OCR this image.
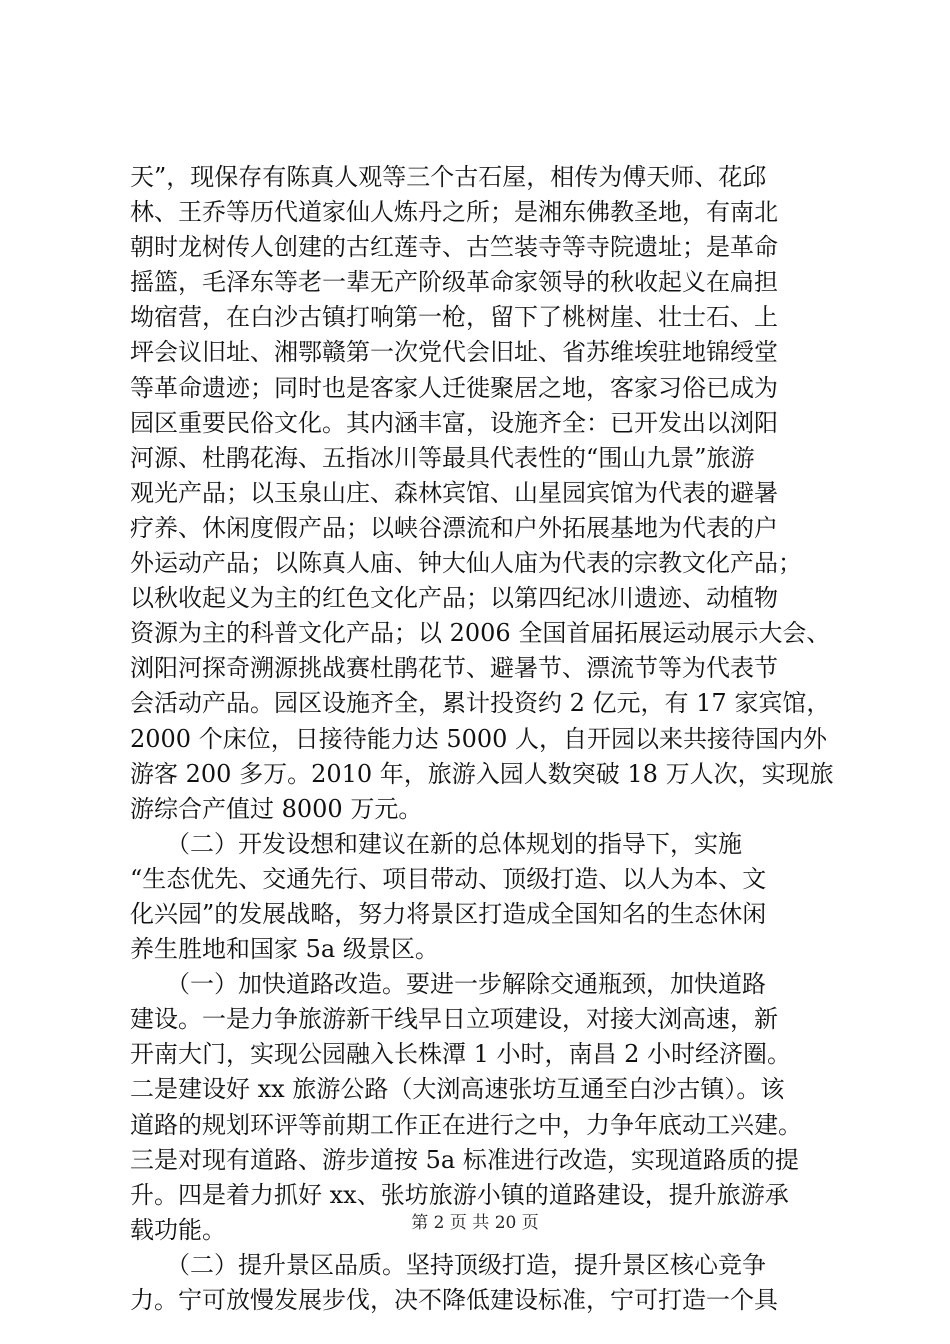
天”，现保存有陈真人观等三个古石屋，相传为傅天师、花邱
林、王乔等历代道家仙人炼丹之所；是湘东佛教圣地，有南北
朝时龙树传人创建的古红莲寺、古竺装寺等寺院遗址；是革命
摇篮，毛泽东等老一辈无产阶级革命家领导的秋收起义在扁担
坳宿营，在白沙古镇打响第一枪，留下了桃树崖、壮士石、上
坪会议旧址、湘鄂赣第一次党代会旧址、省苏维埃驻地锦绶堂
等革命遗迹；同时也是客家人迁徙聚居之地，客家习俗已成为
园区重要民俗文化。其内涵丰富，设施齐全：已开发出以浏阳
河源、杜鹃花海、五指冰川等最具代表性的“围山九景”旅游
观光产品；以玉泉山庄、森林宾馆、山星园宾馆为代表的避暑
疗养、休闲度假产品；以峡谷漂流和户外拓展基地为代表的户
外运动产品；以陈真人庙、钟大仙人庙为代表的宗教文化产品；
以秋收起义为主的红色文化产品；以第四纪冰川遗迹、动植物
资源为主的科普文化产品；以 2006 全国首届拓展运动展示大会、
浏阳河探奇溯源挑战赛杜鹃花节、避暑节、漂流节等为代表节
会活动产品。园区设施齐全，累计投资约 2 亿元，有 17 家宾馆，
2000 个床位，日接待能力达 5000 人，自开园以来共接待国内外
游客 200 多万。2010 年，旅游入园人数突破 18 万人次，实现旅
游综合产值过 8000 万元。
　　（二）开发设想和建议在新的总体规划的指导下，实施
“生态优先、交通先行、项目带动、顶级打造、以人为本、文
化兴园”的发展战略，努力将景区打造成全国知名的生态休闲
养生胜地和国家 5a 级景区。
　　（一）加快道路改造。要进一步解除交通瓶颈，加快道路
建设。一是力争旅游新干线早日立项建设，对接大浏高速，新
开南大门，实现公园融入长株潭 1 小时，南昌 2 小时经济圈。
二是建设好 xx 旅游公路（大浏高速张坊互通至白沙古镇）。该
道路的规划环评等前期工作正在进行之中，力争年底动工兴建。
三是对现有道路、游步道按 5a 标准进行改造，实现道路质的提
升。四是着力抓好 xx、张坊旅游小镇的道路建设，提升旅游承
载功能。
　　（二）提升景区品质。坚持顶级打造，提升景区核心竞争
力。宁可放慢发展步伐，决不降低建设标准，宁可打造一个具
第 2 页 共 20 页
